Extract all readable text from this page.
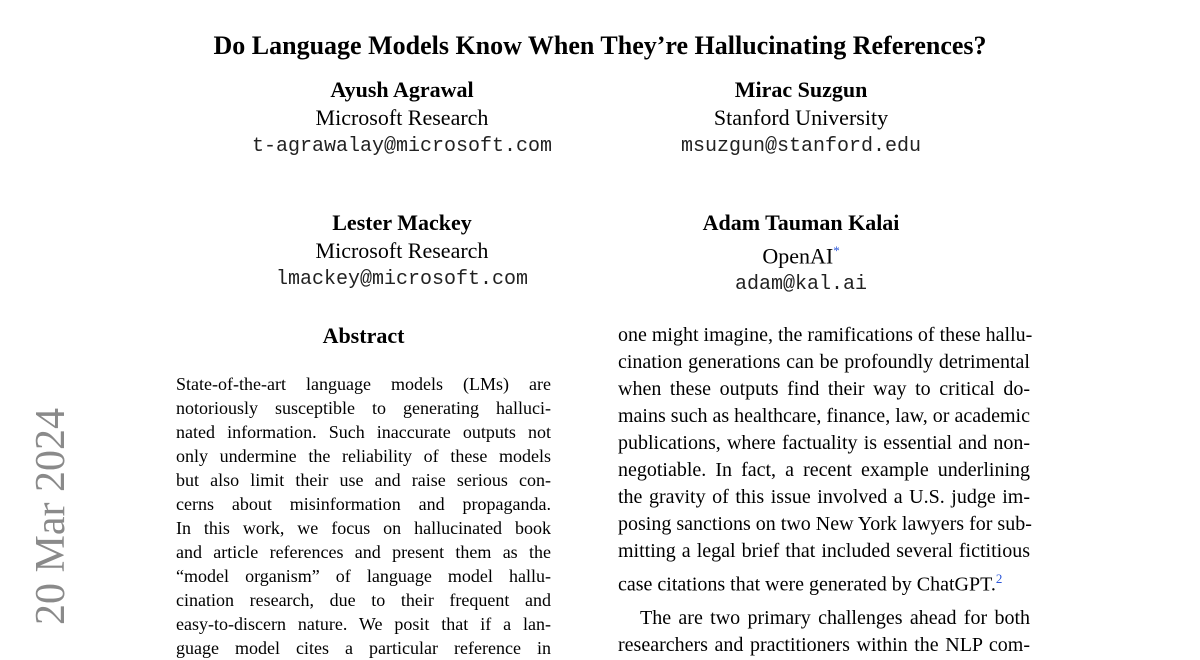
Do Language Models Know When They’re Hallucinating References?
Ayush Agrawal
Microsoft Research
t-agrawalay@microsoft.com
Mirac Suzgun
Stanford University
msuzgun@stanford.edu
Lester Mackey
Microsoft Research
lmackey@microsoft.com
Adam Tauman Kalai
OpenAI*
adam@kal.ai
20 Mar 2024
Abstract
State-of-the-art language models (LMs) are
notoriously susceptible to generating halluci-
nated information. Such inaccurate outputs not
only undermine the reliability of these models
but also limit their use and raise serious con-
cerns about misinformation and propaganda.
In this work, we focus on hallucinated book
and article references and present them as the
“model organism” of language model hallu-
cination research, due to their frequent and
easy-to-discern nature. We posit that if a lan-
guage model cites a particular reference in
one might imagine, the ramifications of these hallu-
cination generations can be profoundly detrimental
when these outputs find their way to critical do-
mains such as healthcare, finance, law, or academic
publications, where factuality is essential and non-
negotiable. In fact, a recent example underlining
the gravity of this issue involved a U.S. judge im-
posing sanctions on two New York lawyers for sub-
mitting a legal brief that included several fictitious
case citations that were generated by ChatGPT.$^2$
The are two primary challenges ahead for both
researchers and practitioners within the NLP com-
